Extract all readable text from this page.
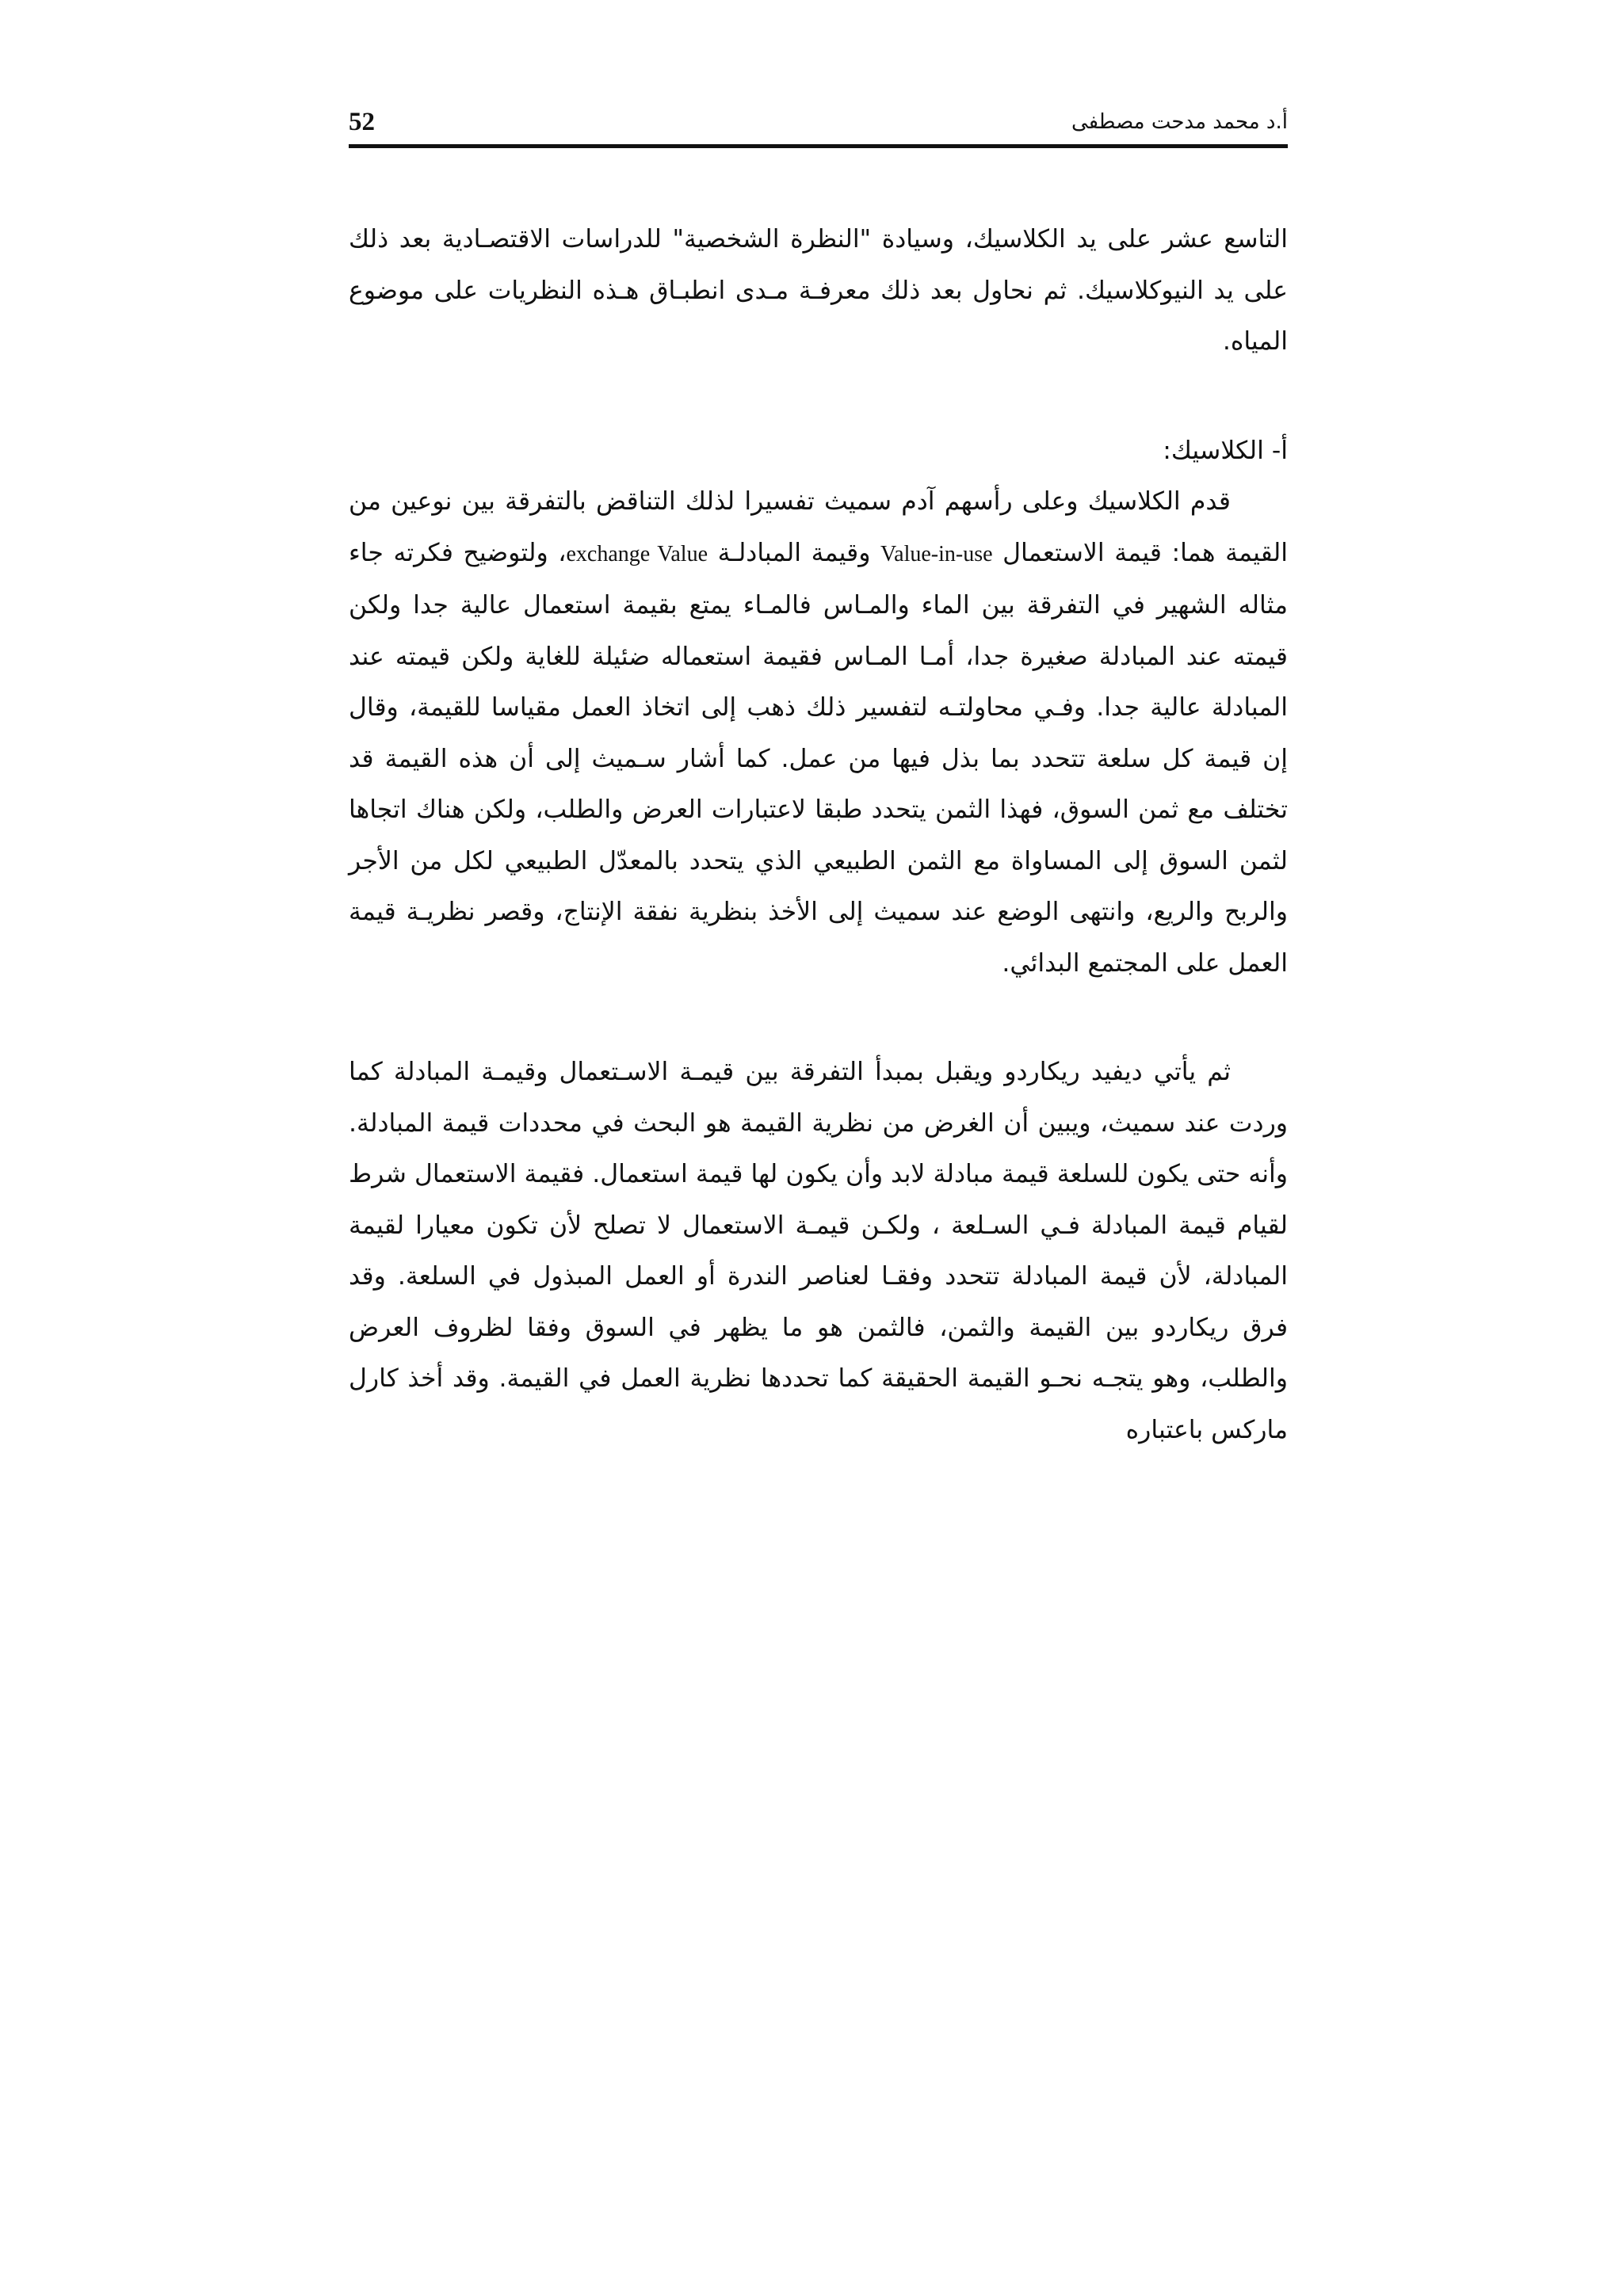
52	أ.د محمد مدحت مصطفى

التاسع عشر على يد الكلاسيك، وسيادة "النظرة الشخصية" للدراسات الاقتصـادية بعد ذلك على يد النيوكلاسيك. ثم نحاول بعد ذلك معرفـة مـدى انطبـاق هـذه النظريات على موضوع المياه.

أ- الكلاسيك:

قدم الكلاسيك وعلى رأسهم آدم سميث تفسيرا لذلك التناقض بالتفرقة بين نوعين من القيمة هما: قيمة الاستعمال Value-in-use وقيمة المبادلـة exchange Value، ولتوضيح فكرته جاء مثاله الشهير في التفرقة بين الماء والمـاس فالمـاء يمتع بقيمة استعمال عالية جدا ولكن قيمته عند المبادلة صغيرة جدا، أمـا المـاس فقيمة استعماله ضئيلة للغاية ولكن قيمته عند المبادلة عالية جدا. وفـي محاولتـه لتفسير ذلك ذهب إلى اتخاذ العمل مقياسا للقيمة، وقال إن قيمة كل سلعة تتحدد بما بذل فيها من عمل. كما أشار سـميث إلى أن هذه القيمة قد تختلف مع ثمن السوق، فهذا الثمن يتحدد طبقا لاعتبارات العرض والطلب، ولكن هناك اتجاها لثمن السوق إلى المساواة مع الثمن الطبيعي الذي يتحدد بالمعدّل الطبيعي لكل من الأجر والربح والريع، وانتهى الوضع عند سميث إلى الأخذ بنظرية نفقة الإنتاج، وقصر نظريـة قيمة العمل على المجتمع البدائي.

ثم يأتي ديفيد ريكاردو ويقبل بمبدأ التفرقة بين قيمـة الاسـتعمال وقيمـة المبادلة كما وردت عند سميث، ويبين أن الغرض من نظرية القيمة هو البحث في محددات قيمة المبادلة. وأنه حتى يكون للسلعة قيمة مبادلة لابد وأن يكون لها قيمة استعمال. فقيمة الاستعمال شرط لقيام قيمة المبادلة فـي السـلعة ، ولكـن قيمـة الاستعمال لا تصلح لأن تكون معيارا لقيمة المبادلة، لأن قيمة المبادلة تتحدد وفقـا لعناصر الندرة أو العمل المبذول في السلعة. وقد فرق ريكاردو بين القيمة والثمن، فالثمن هو ما يظهر في السوق وفقا لظروف العرض والطلب، وهو يتجـه نحـو القيمة الحقيقة كما تحددها نظرية العمل في القيمة. وقد أخذ كارل ماركس باعتباره
